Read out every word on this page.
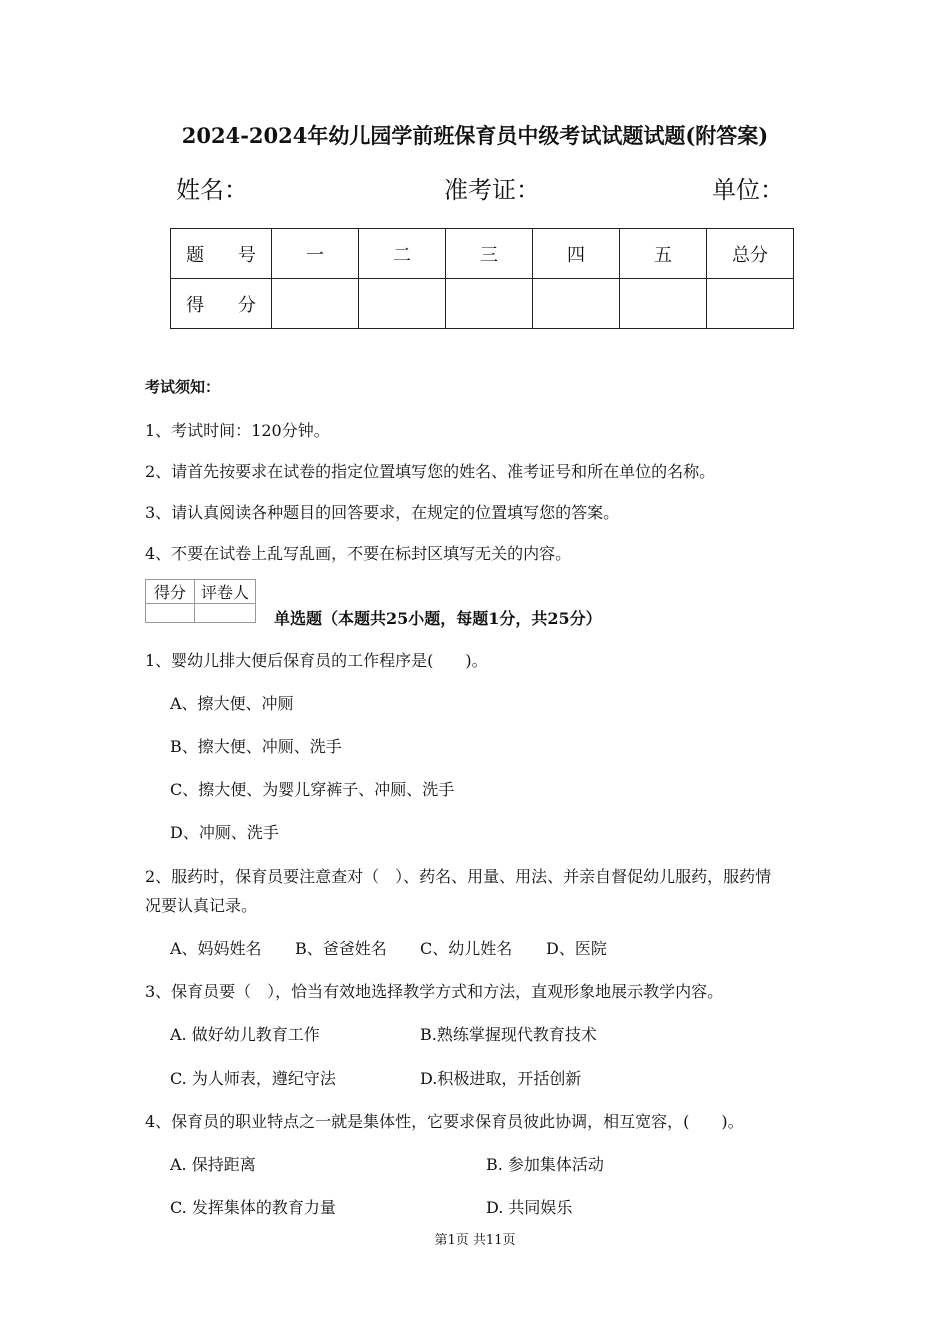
2024-2024年幼儿园学前班保育员中级考试试题试题(附答案)
姓名：	准考证：	单位：
题 号	一	二	三	四	五	总分
得 分						
考试须知：
1、考试时间：120分钟。
2、请首先按要求在试卷的指定位置填写您的姓名、准考证号和所在单位的名称。
3、请认真阅读各种题目的回答要求，在规定的位置填写您的答案。
4、不要在试卷上乱写乱画，不要在标封区填写无关的内容。
得分	评卷人

单选题（本题共25小题，每题1分，共25分）
1、婴幼儿排大便后保育员的工作程序是(　　)。
A、擦大便、冲厕
B、擦大便、冲厕、洗手
C、擦大便、为婴儿穿裤子、冲厕、洗手
D、冲厕、洗手
2、服药时，保育员要注意查对（　）、药名、用量、用法、并亲自督促幼儿服药，服药情
况要认真记录。
A、妈妈姓名 B、爸爸姓名 C、幼儿姓名 D、医院
3、保育员要（　），恰当有效地选择教学方式和方法，直观形象地展示教学内容。
A. 做好幼儿教育工作	B.熟练掌握现代教育技术
C. 为人师表，遵纪守法	D.积极进取，开括创新
4、保育员的职业特点之一就是集体性，它要求保育员彼此协调，相互宽容，(　　)。
A. 保持距离	B. 参加集体活动
C. 发挥集体的教育力量	D. 共同娱乐
第1页 共11页
